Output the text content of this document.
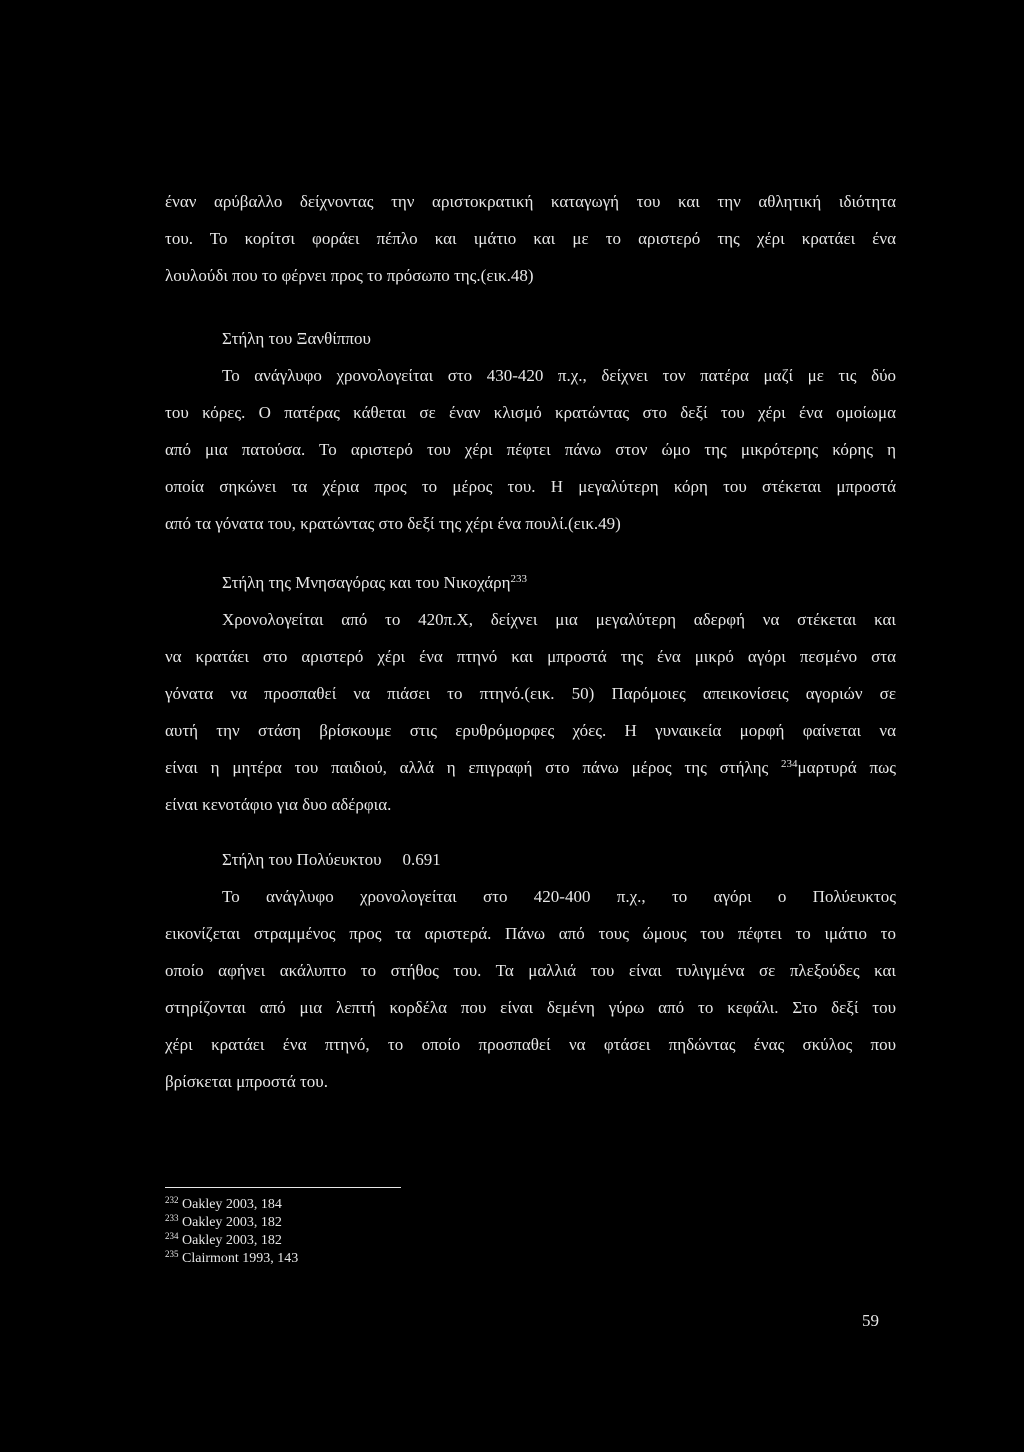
έναν αρύβαλλο δείχνοντας την αριστοκρατική καταγωγή του και την αθλητική ιδιότητα
του. Το κορίτσι φοράει πέπλο και ιμάτιο και με το αριστερό της χέρι κρατάει ένα
λουλούδι που το φέρνει προς το πρόσωπο της.(εικ.48)
Στήλη του Ξανθίππου
Το ανάγλυφο χρονολογείται στο 430-420 π.χ., δείχνει τον πατέρα μαζί με τις δύο
του κόρες. Ο πατέρας κάθεται σε έναν κλισμό κρατώντας στο δεξί του χέρι ένα ομοίωμα
από μια πατούσα. Το αριστερό του χέρι πέφτει πάνω στον ώμο της μικρότερης κόρης η
οποία σηκώνει τα χέρια προς το μέρος του. Η μεγαλύτερη κόρη του στέκεται μπροστά
από τα γόνατα του, κρατώντας στο δεξί της χέρι ένα πουλί.(εικ.49)
Στήλη της Μνησαγόρας και του Νικοχάρη$^{233}$
Χρονολογείται από το 420π.Χ, δείχνει μια μεγαλύτερη αδερφή να στέκεται και
να κρατάει στο αριστερό χέρι ένα πτηνό και μπροστά της ένα μικρό αγόρι πεσμένο στα
γόνατα να προσπαθεί να πιάσει το πτηνό.(εικ. 50) Παρόμοιες απεικονίσεις αγοριών σε
αυτή την στάση βρίσκουμε στις ερυθρόμορφες χόες. Η γυναικεία μορφή φαίνεται να
είναι η μητέρα του παιδιού, αλλά η επιγραφή στο πάνω μέρος της στήλης $^{234}$μαρτυρά πως
είναι κενοτάφιο για δυο αδέρφια.
Στήλη του Πολύευκτου 0.691
Το ανάγλυφο χρονολογείται στο 420-400 π.χ., το αγόρι ο Πολύευκτος
εικονίζεται στραμμένος προς τα αριστερά. Πάνω από τους ώμους του πέφτει το ιμάτιο το
οποίο αφήνει ακάλυπτο το στήθος του. Τα μαλλιά του είναι τυλιγμένα σε πλεξούδες και
στηρίζονται από μια λεπτή κορδέλα που είναι δεμένη γύρω από το κεφάλι. Στο δεξί του
χέρι κρατάει ένα πτηνό, το οποίο προσπαθεί να φτάσει πηδώντας ένας σκύλος που
βρίσκεται μπροστά του.
$^{232}$ Oakley 2003, 184
$^{233}$ Oakley 2003, 182
$^{234}$ Oakley 2003, 182
$^{235}$ Clairmont 1993, 143
59
